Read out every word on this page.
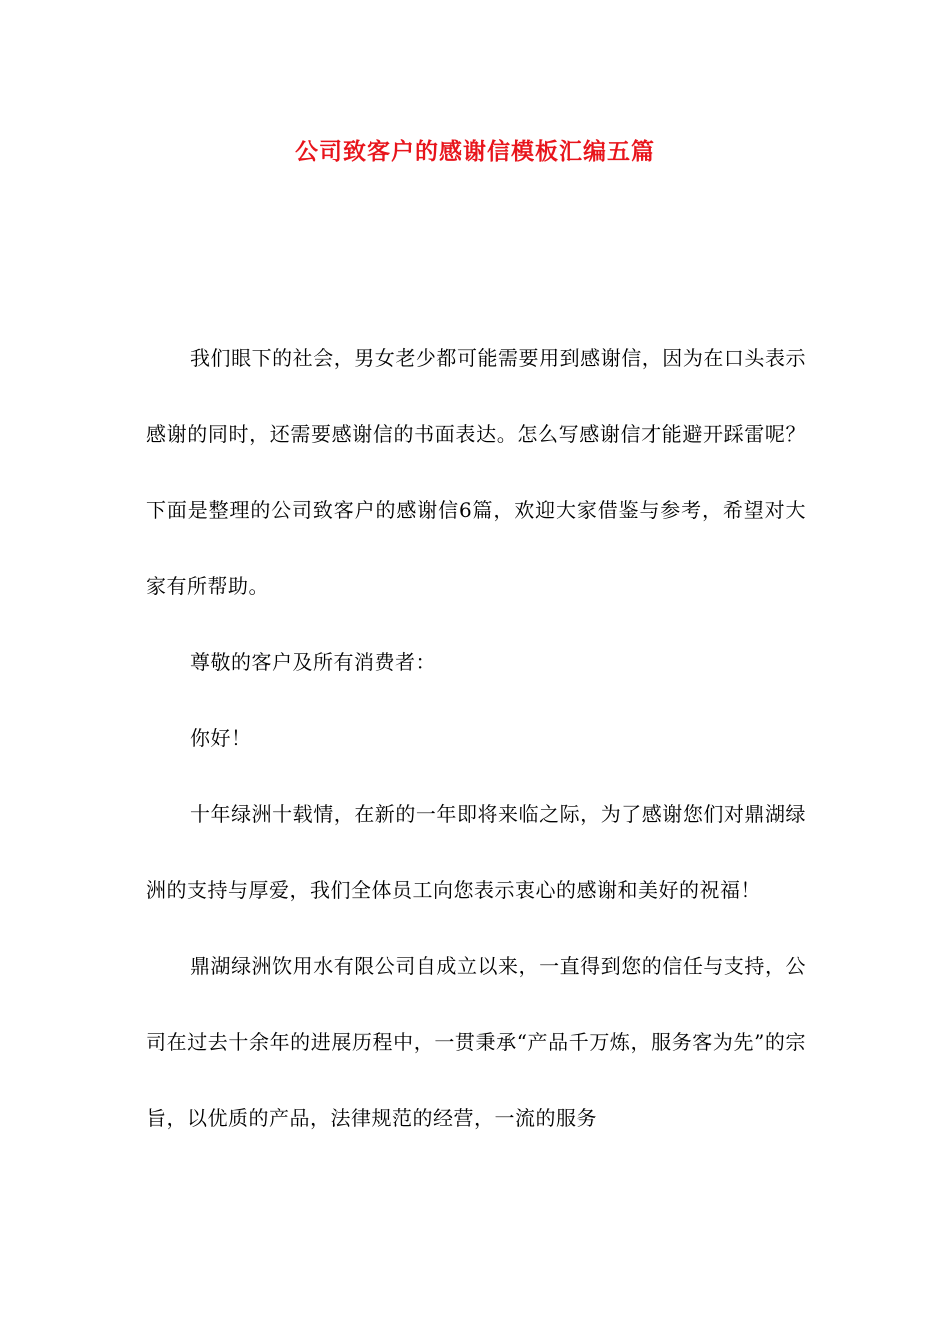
公司致客户的感谢信模板汇编五篇

我们眼下的社会，男女老少都可能需要用到感谢信，因为在口头表示感谢的同时，还需要感谢信的书面表达。怎么写感谢信才能避开踩雷呢？下面是整理的公司致客户的感谢信6篇，欢迎大家借鉴与参考，希望对大家有所帮助。

尊敬的客户及所有消费者：

你好！

十年绿洲十载情，在新的一年即将来临之际，为了感谢您们对鼎湖绿洲的支持与厚爱，我们全体员工向您表示衷心的感谢和美好的祝福！

鼎湖绿洲饮用水有限公司自成立以来，一直得到您的信任与支持，公司在过去十余年的进展历程中，一贯秉承“产品千万炼，服务客为先”的宗旨，以优质的产品，法律规范的经营，一流的服务
